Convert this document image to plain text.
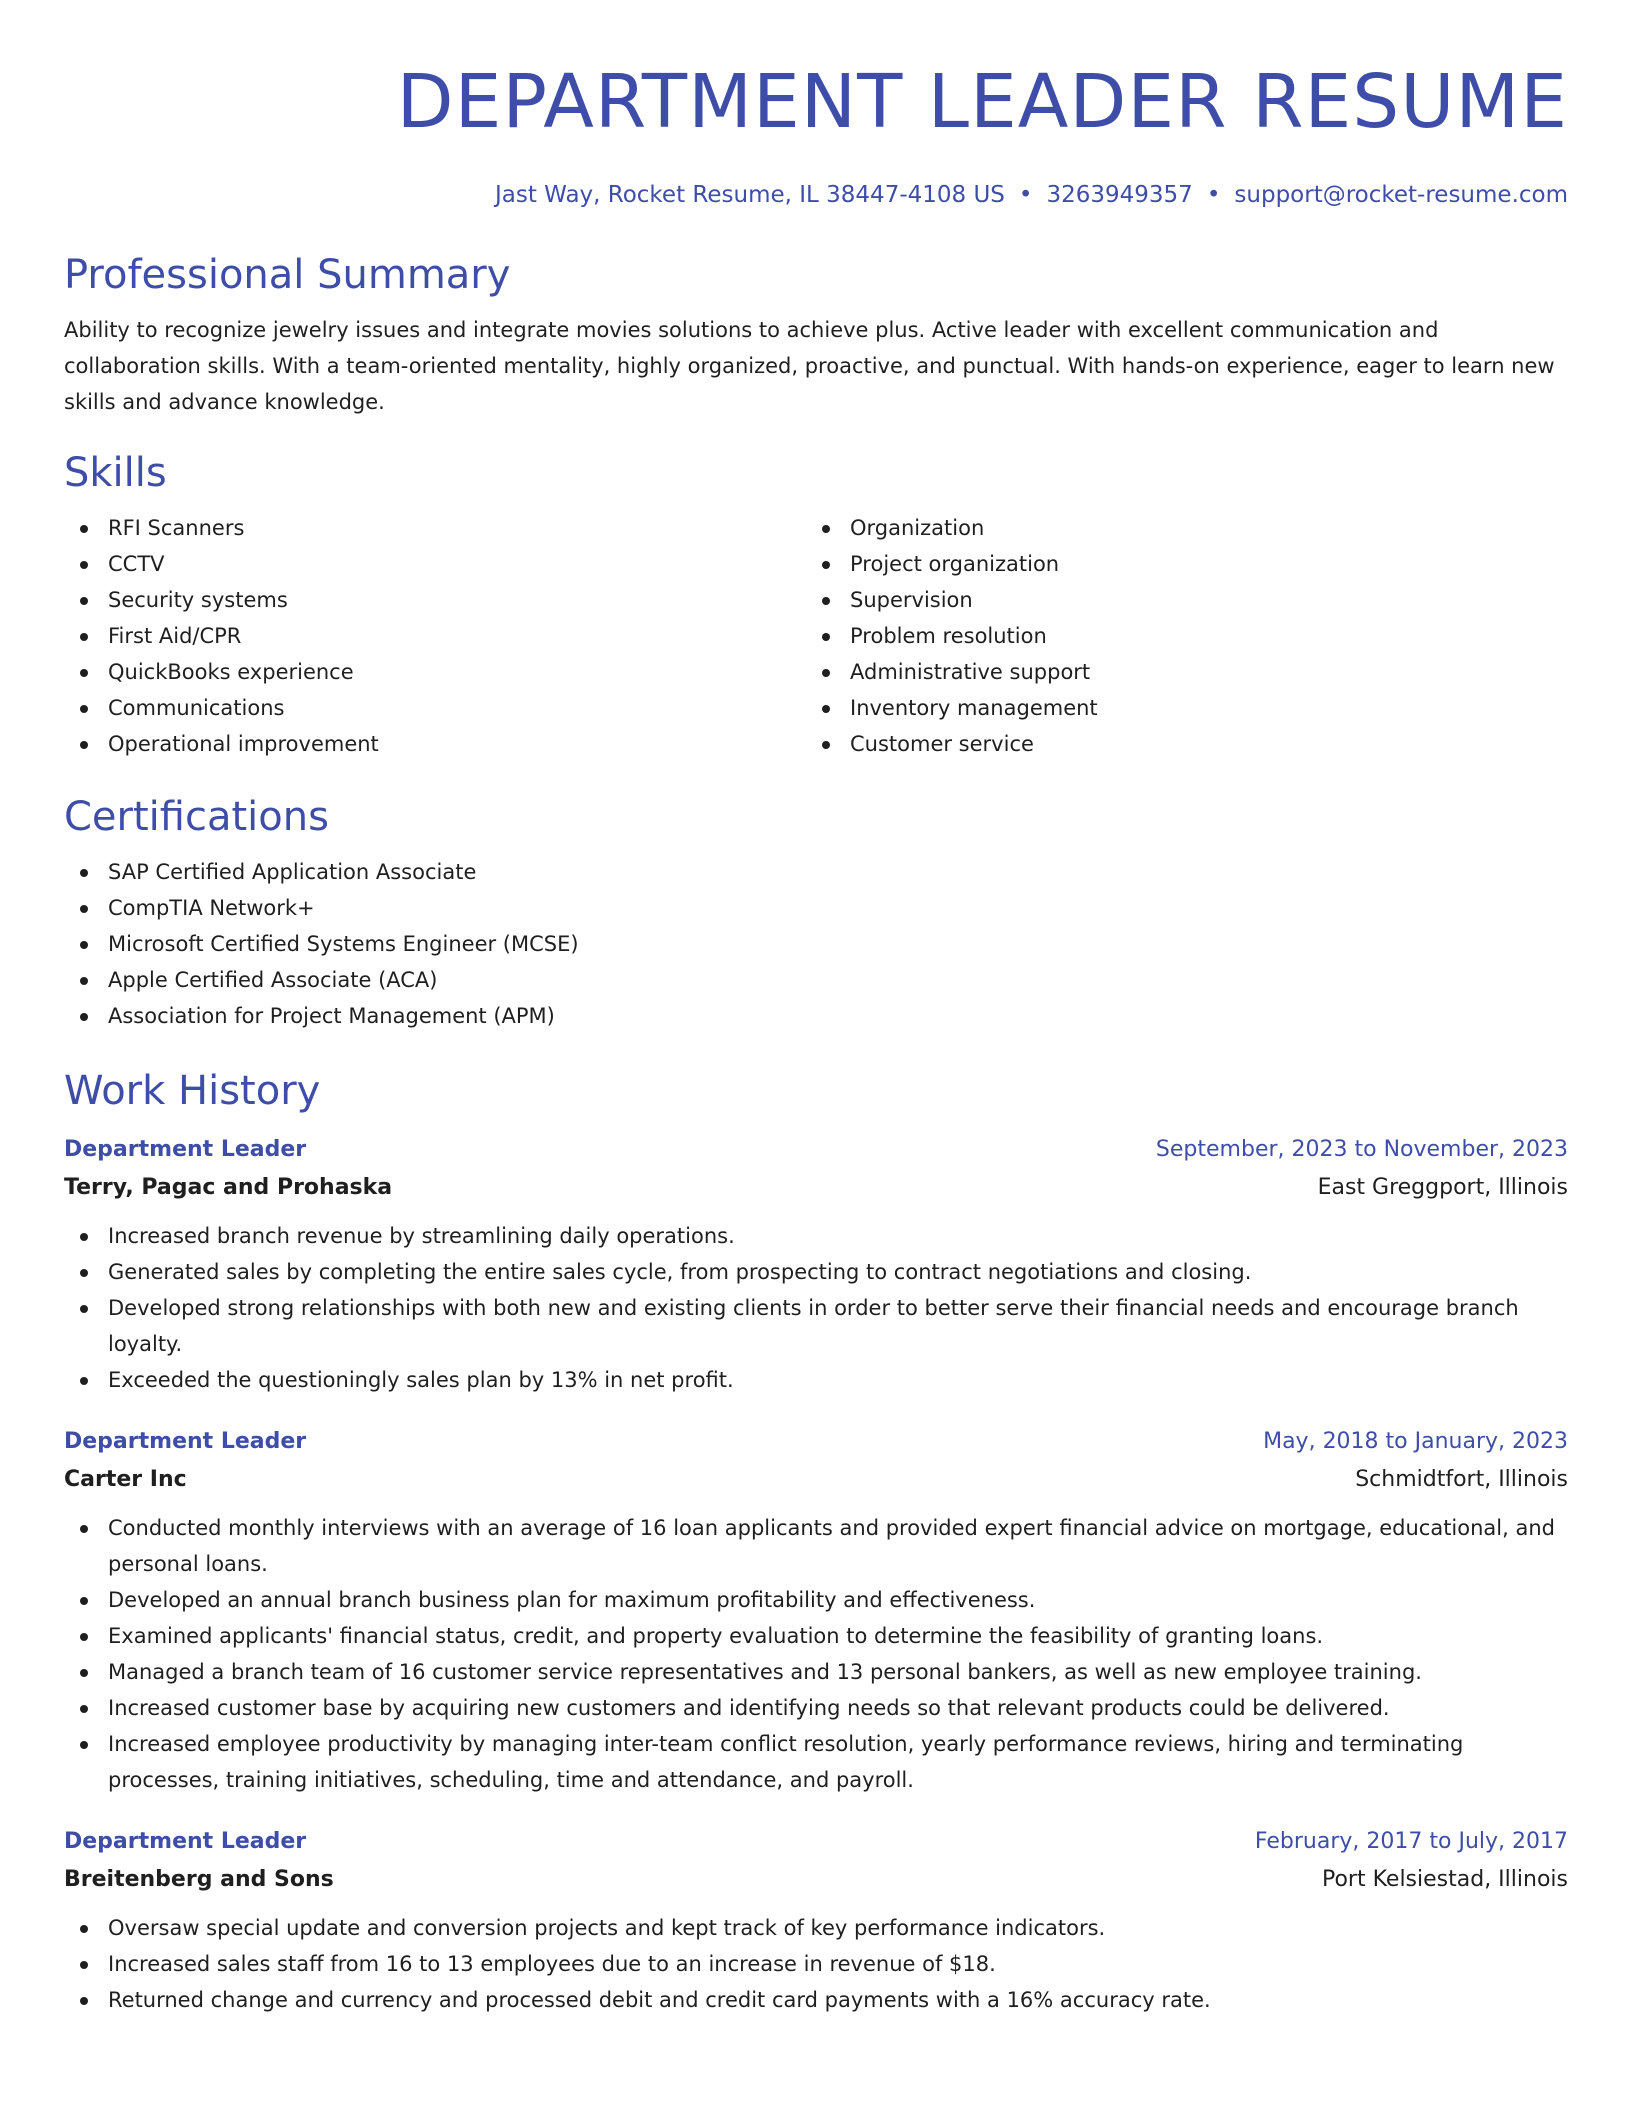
DEPARTMENT LEADER RESUME
Jast Way, Rocket Resume, IL 38447-4108 US • 3263949357 • support@rocket-resume.com
Professional Summary

Ability to recognize jewelry issues and integrate movies solutions to achieve plus. Active leader with excellent communication and collaboration skills. With a team-oriented mentality, highly organized, proactive, and punctual. With hands-on experience, eager to learn new skills and advance knowledge.

Skills
RFI Scanners
CCTV
Security systems
First Aid/CPR
QuickBooks experience
Communications
Operational improvement
Organization
Project organization
Supervision
Problem resolution
Administrative support
Inventory management
Customer service
Certifications
SAP Certified Application Associate
CompTIA Network+
Microsoft Certified Systems Engineer (MCSE)
Apple Certified Associate (ACA)
Association for Project Management (APM)
Work History
Department Leader	September, 2023 to November, 2023
Terry, Pagac and Prohaska	East Greggport, Illinois
Increased branch revenue by streamlining daily operations.
Generated sales by completing the entire sales cycle, from prospecting to contract negotiations and closing.
Developed strong relationships with both new and existing clients in order to better serve their financial needs and encourage branch loyalty.
Exceeded the questioningly sales plan by 13% in net profit.
Department Leader	May, 2018 to January, 2023
Carter Inc	Schmidtfort, Illinois
Conducted monthly interviews with an average of 16 loan applicants and provided expert financial advice on mortgage, educational, and personal loans.
Developed an annual branch business plan for maximum profitability and effectiveness.
Examined applicants' financial status, credit, and property evaluation to determine the feasibility of granting loans.
Managed a branch team of 16 customer service representatives and 13 personal bankers, as well as new employee training.
Increased customer base by acquiring new customers and identifying needs so that relevant products could be delivered.
Increased employee productivity by managing inter-team conflict resolution, yearly performance reviews, hiring and terminating processes, training initiatives, scheduling, time and attendance, and payroll.
Department Leader	February, 2017 to July, 2017
Breitenberg and Sons	Port Kelsiestad, Illinois
Oversaw special update and conversion projects and kept track of key performance indicators.
Increased sales staff from 16 to 13 employees due to an increase in revenue of $18.
Returned change and currency and processed debit and credit card payments with a 16% accuracy rate.
